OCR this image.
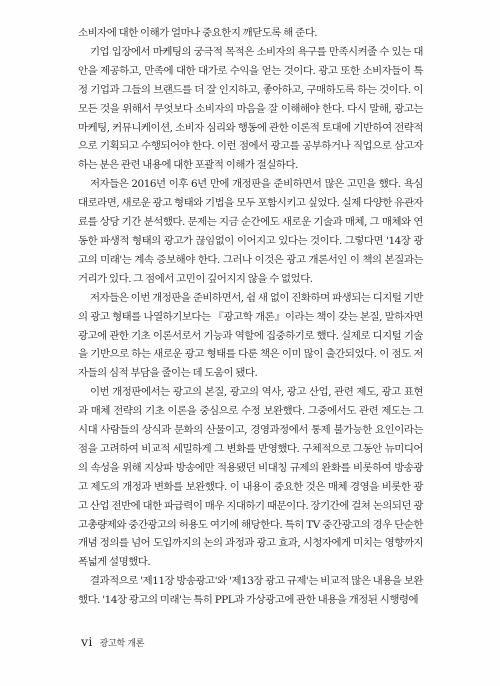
소비자에 대한 이해가 얼마나 중요한지 깨닫도록 해 준다.

기업 입장에서 마케팅의 궁극적 목적은 소비자의 욕구를 만족시켜줄 수 있는 대안을 제공하고, 만족에 대한 대가로 수익을 얻는 것이다. 광고 또한 소비자들이 특정 기업과 그들의 브랜드를 더 잘 인지하고, 좋아하고, 구매하도록 하는 것이다. 이 모든 것을 위해서 무엇보다 소비자의 마음을 잘 이해해야 한다. 다시 말해, 광고는 마케팅, 커뮤니케이션, 소비자 심리와 행동에 관한 이론적 토대에 기반하여 전략적으로 기획되고 수행되어야 한다. 이런 점에서 광고를 공부하거나 직업으로 삼고자 하는 분은 관련 내용에 대한 포괄적 이해가 절실하다.

저자들은 2016년 이후 6년 만에 개정판을 준비하면서 많은 고민을 했다. 욕심대로라면, 새로운 광고 형태와 기법을 모두 포함시키고 싶었다. 실제 다양한 유관자료를 상당 기간 분석했다. 문제는 지금 순간에도 새로운 기술과 매체, 그 매체와 연동한 파생적 형태의 광고가 끊임없이 이어지고 있다는 것이다. 그렇다면 '14장 광고의 미래'는 계속 증보해야 한다. 그러나 이것은 광고 개론서인 이 책의 본질과는 거리가 있다. 그 점에서 고민이 깊어지지 않을 수 없었다.

저자들은 이번 개정판을 준비하면서, 쉼 새 없이 진화하며 파생되는 디지털 기반의 광고 형태를 나열하기보다는 『광고학 개론』이라는 책이 갖는 본질, 말하자면 광고에 관한 기초 이론서로서 기능과 역할에 집중하기로 했다. 실제로 디지털 기술을 기반으로 하는 새로운 광고 형태를 다룬 책은 이미 많이 출간되었다. 이 점도 저자들의 심적 부담을 줄이는 데 도움이 됐다.

이번 개정판에서는 광고의 본질, 광고의 역사, 광고 산업, 관련 제도, 광고 표현과 매체 전략의 기초 이론을 중심으로 수정 보완했다. 그중에서도 관련 제도는 그 시대 사람들의 상식과 문화의 산물이고, 경영과정에서 통제 불가능한 요인이라는 점을 고려하여 비교적 세밀하게 그 변화를 반영했다. 구체적으로 그동안 뉴미디어의 속성을 위해 지상파 방송에만 적용됐던 비대칭 규제의 완화를 비롯하여 방송광고 제도의 개정과 변화를 보완했다. 이 내용이 중요한 것은 매체 경영을 비롯한 광고 산업 전반에 대한 파급력이 매우 지대하기 때문이다. 장기간에 걸쳐 논의되던 광고총량제와 중간광고의 허용도 여기에 해당한다. 특히 TV 중간광고의 경우 단순한 개념 정의를 넘어 도입까지의 논의 과정과 광고 효과, 시청자에게 미치는 영향까지 폭넓게 설명했다.

결과적으로 '제11장 방송광고'와 '제13장 광고 규제'는 비교적 많은 내용을 보완했다. '14장 광고의 미래'는 특히 PPL과 가상광고에 관한 내용을 개정된 시행령에

vi 광고학 개론
